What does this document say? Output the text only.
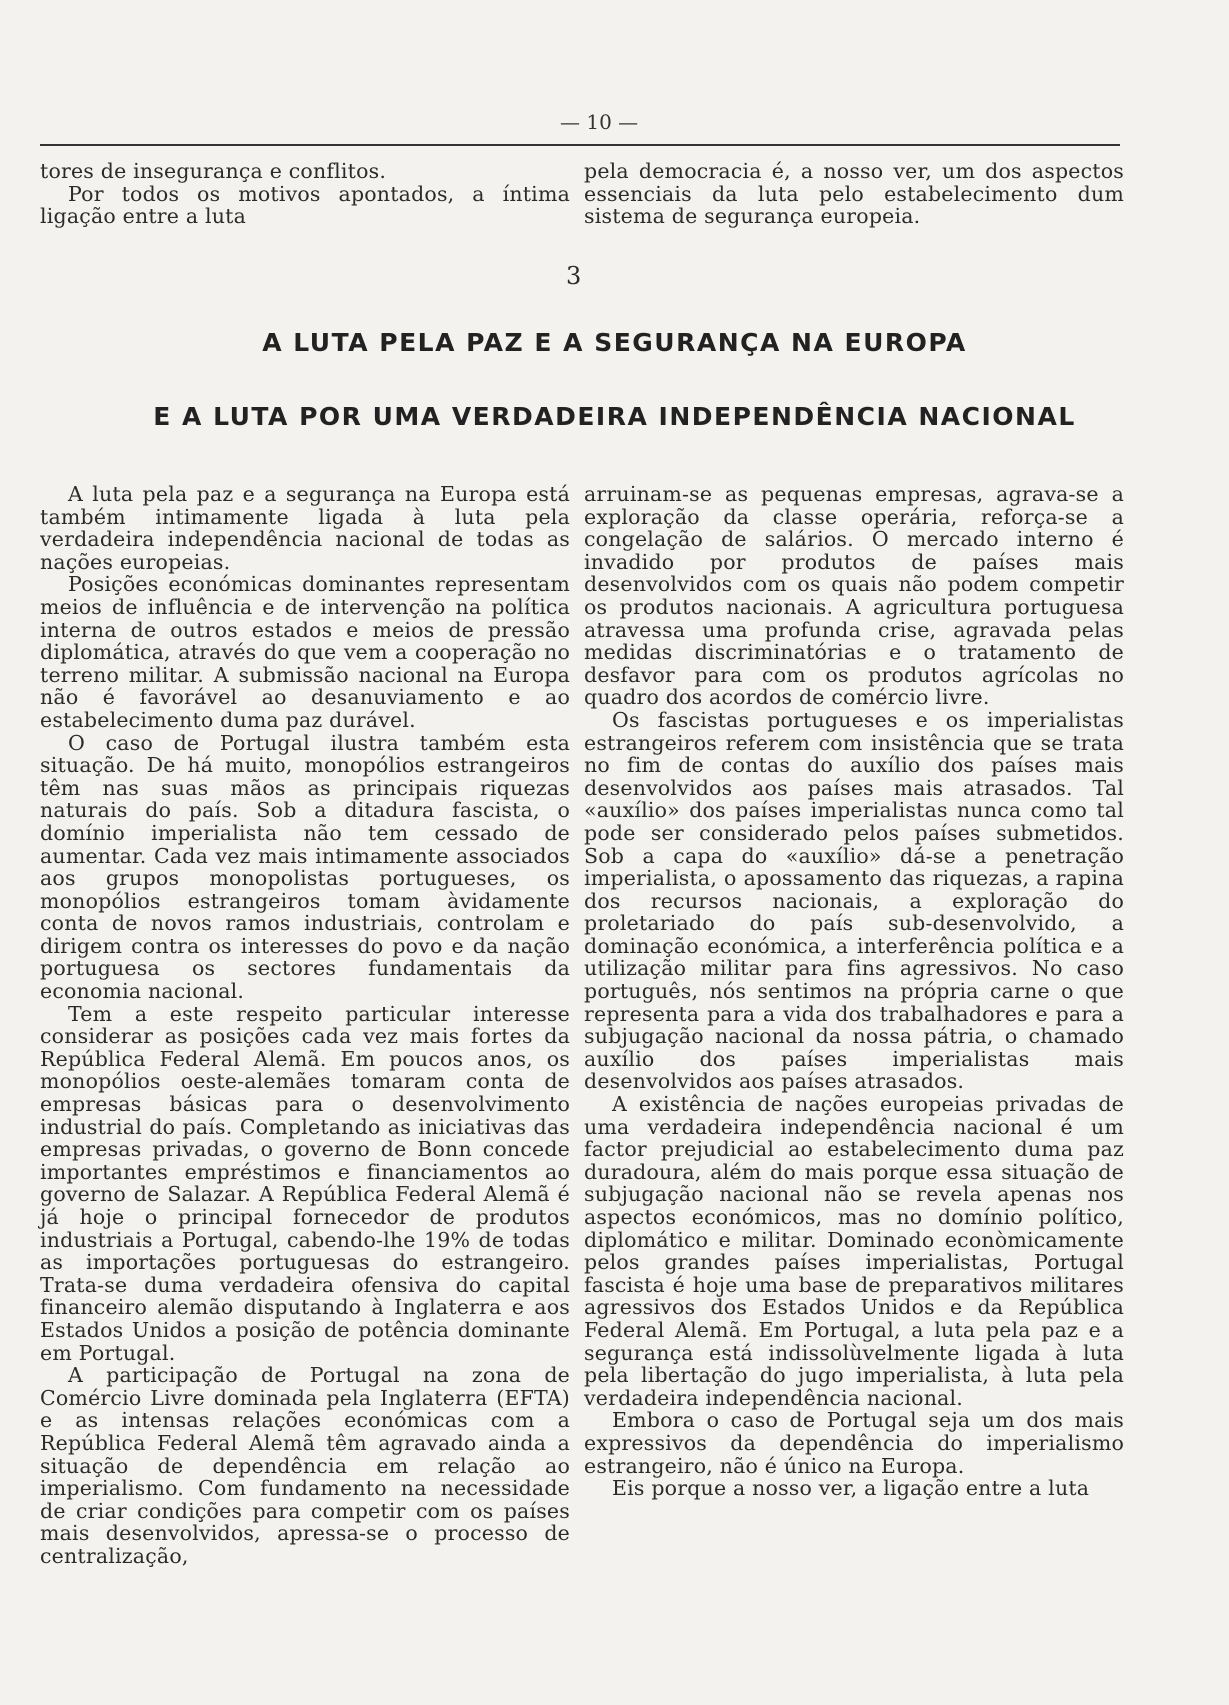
— 10 —

tores de insegurança e conflitos.

Por todos os motivos apontados, a íntima ligação entre a luta

pela democracia é, a nosso ver, um dos aspectos essenciais da luta pelo estabelecimento dum sistema de segurança europeia.

3
A LUTA PELA PAZ E A SEGURANÇA NA EUROPA
E A LUTA POR UMA VERDADEIRA INDEPENDÊNCIA NACIONAL

A luta pela paz e a segurança na Europa está também intimamente ligada à luta pela verdadeira independência nacional de todas as nações europeias.

Posições económicas dominantes representam meios de influência e de intervenção na política interna de outros estados e meios de pressão diplomática, através do que vem a cooperação no terreno militar. A submissão nacional na Europa não é favorável ao desanuviamento e ao estabelecimento duma paz durável.

O caso de Portugal ilustra também esta situação. De há muito, monopólios estrangeiros têm nas suas mãos as principais riquezas naturais do país. Sob a ditadura fascista, o domínio imperialista não tem cessado de aumentar. Cada vez mais intimamente associados aos grupos monopolistas portugueses, os monopólios estrangeiros tomam àvidamente conta de novos ramos industriais, controlam e dirigem contra os interesses do povo e da nação portuguesa os sectores fundamentais da economia nacional.

Tem a este respeito particular interesse considerar as posições cada vez mais fortes da República Federal Alemã. Em poucos anos, os monopólios oeste-alemães tomaram conta de empresas básicas para o desenvolvimento industrial do país. Completando as iniciativas das empresas privadas, o governo de Bonn concede importantes empréstimos e financiamentos ao governo de Salazar. A República Federal Alemã é já hoje o principal fornecedor de produtos industriais a Portugal, cabendo-lhe 19% de todas as importações portuguesas do estrangeiro. Trata-se duma verdadeira ofensiva do capital financeiro alemão disputando à Inglaterra e aos Estados Unidos a posição de potência dominante em Portugal.

A participação de Portugal na zona de Comércio Livre dominada pela Inglaterra (EFTA) e as intensas relações económicas com a República Federal Alemã têm agravado ainda a situação de dependência em relação ao imperialismo. Com fundamento na necessidade de criar condições para competir com os países mais desenvolvidos, apressa-se o processo de centralização,

arruinam-se as pequenas empresas, agrava-se a exploração da classe operária, reforça-se a congelação de salários. O mercado interno é invadido por produtos de países mais desenvolvidos com os quais não podem competir os produtos nacionais. A agricultura portuguesa atravessa uma profunda crise, agravada pelas medidas discriminatórias e o tratamento de desfavor para com os produtos agrícolas no quadro dos acordos de comércio livre.

Os fascistas portugueses e os imperialistas estrangeiros referem com insistência que se trata no fim de contas do auxílio dos países mais desenvolvidos aos países mais atrasados. Tal «auxílio» dos países imperialistas nunca como tal pode ser considerado pelos países submetidos. Sob a capa do «auxílio» dá-se a penetração imperialista, o apossamento das riquezas, a rapina dos recursos nacionais, a exploração do proletariado do país sub-desenvolvido, a dominação económica, a interferência política e a utilização militar para fins agressivos. No caso português, nós sentimos na própria carne o que representa para a vida dos trabalhadores e para a subjugação nacional da nossa pátria, o chamado auxílio dos países imperialistas mais desenvolvidos aos países atrasados.

A existência de nações europeias privadas de uma verdadeira independência nacional é um factor prejudicial ao estabelecimento duma paz duradoura, além do mais porque essa situação de subjugação nacional não se revela apenas nos aspectos económicos, mas no domínio político, diplomático e militar. Dominado econòmicamente pelos grandes países imperialistas, Portugal fascista é hoje uma base de preparativos militares agressivos dos Estados Unidos e da República Federal Alemã. Em Portugal, a luta pela paz e a segurança está indissolùvelmente ligada à luta pela libertação do jugo imperialista, à luta pela verdadeira independência nacional.

Embora o caso de Portugal seja um dos mais expressivos da dependência do imperialismo estrangeiro, não é único na Europa.

Eis porque a nosso ver, a ligação entre a luta
